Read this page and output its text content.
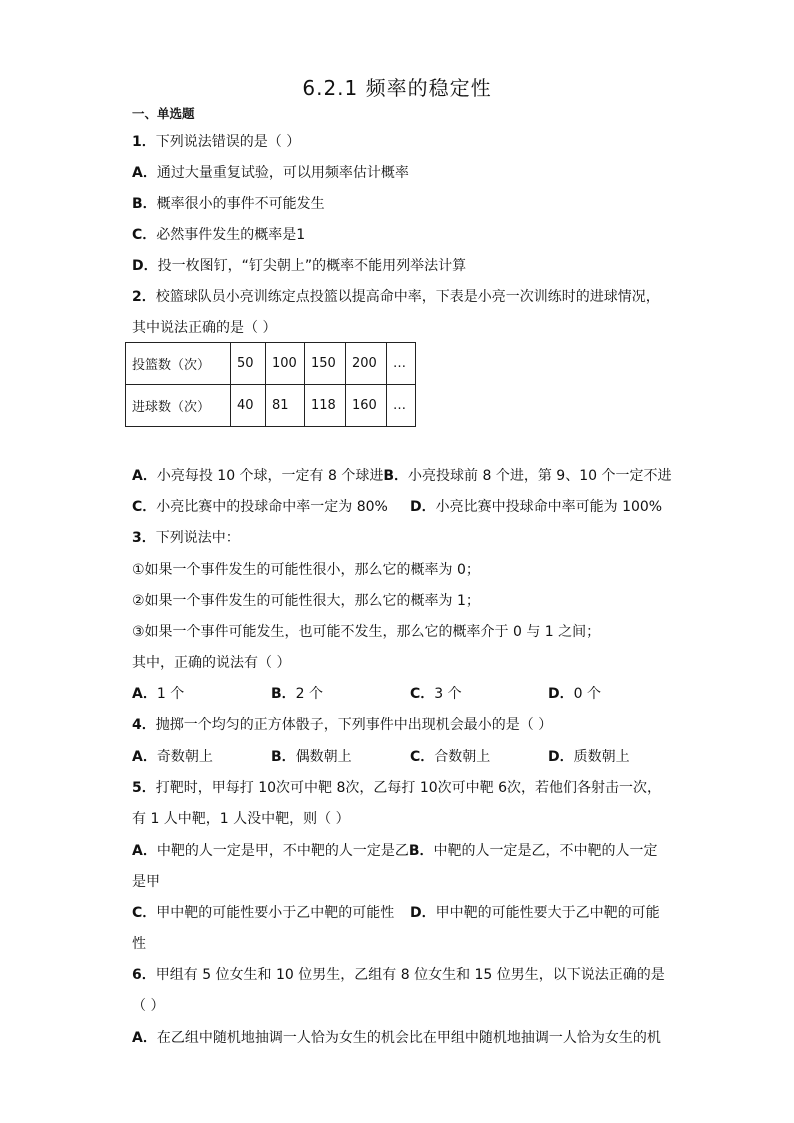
6.2.1 频率的稳定性
一、单选题
1．下列说法错误的是（ ）
A．通过大量重复试验，可以用频率估计概率
B．概率很小的事件不可能发生
C．必然事件发生的概率是1
D．投一枚图钉，“钉尖朝上”的概率不能用列举法计算
2．校篮球队员小亮训练定点投篮以提高命中率，下表是小亮一次训练时的进球情况，
其中说法正确的是（ ）
投篮数（次）	50	100	150	200	…
进球数（次）	40	81	118	160	…
A．小亮每投 10 个球，一定有 8 个球进B．小亮投球前 8 个进，第 9、10 个一定不进
C．小亮比赛中的投球命中率一定为 80% D．小亮比赛中投球命中率可能为 100%
3．下列说法中：
①如果一个事件发生的可能性很小，那么它的概率为 0；
②如果一个事件发生的可能性很大，那么它的概率为 1；
③如果一个事件可能发生，也可能不发生，那么它的概率介于 0 与 1 之间；
其中，正确的说法有（ ）
A．1 个	B．2 个	C．3 个	D．0 个
4．抛掷一个均匀的正方体骰子，下列事件中出现机会最小的是（ ）
A．奇数朝上	B．偶数朝上	C．合数朝上	D．质数朝上
5．打靶时，甲每打 10次可中靶 8次，乙每打 10次可中靶 6次，若他们各射击一次，
有 1 人中靶，1 人没中靶，则（ ）
A．中靶的人一定是甲，不中靶的人一定是乙B．中靶的人一定是乙，不中靶的人一定
是甲
C．甲中靶的可能性要小于乙中靶的可能性 D．甲中靶的可能性要大于乙中靶的可能
性
6．甲组有 5 位女生和 10 位男生，乙组有 8 位女生和 15 位男生，以下说法正确的是
（ ）
A．在乙组中随机地抽调一人恰为女生的机会比在甲组中随机地抽调一人恰为女生的机
